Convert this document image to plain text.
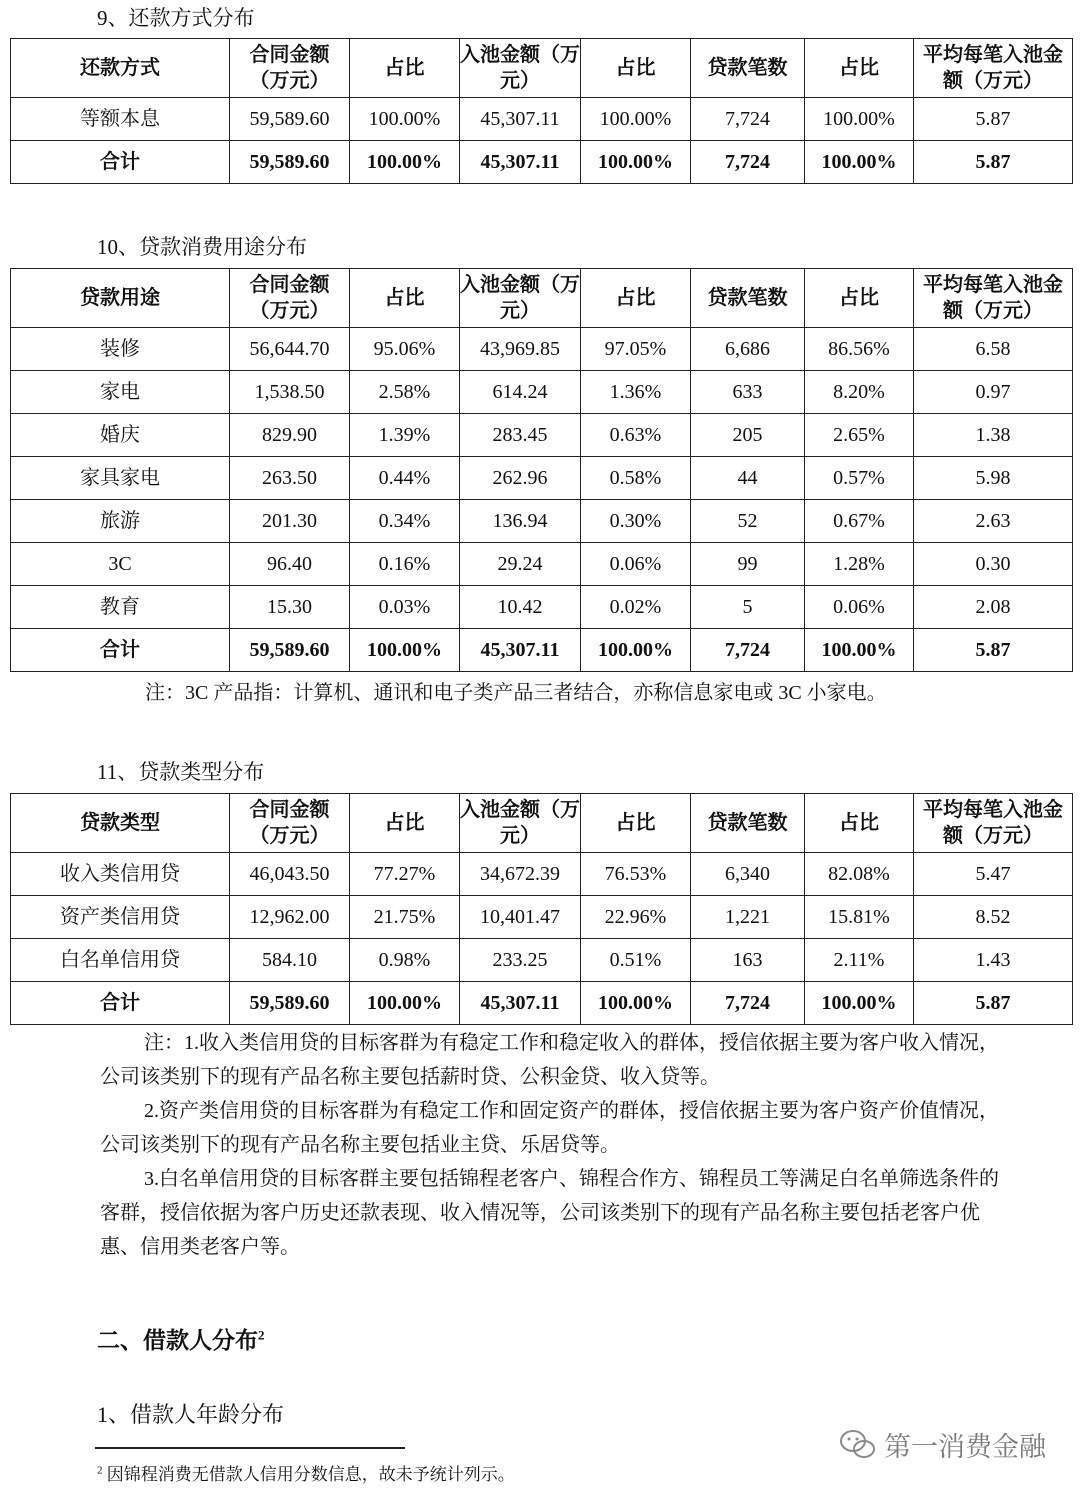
9、还款方式分布
还款方式	合同金额（万元）	占比	入池金额（万元）	占比	贷款笔数	占比	平均每笔入池金额（万元）
等额本息	59,589.60	100.00%	45,307.11	100.00%	7,724	100.00%	5.87
合计	59,589.60	100.00%	45,307.11	100.00%	7,724	100.00%	5.87
10、贷款消费用途分布
贷款用途	合同金额（万元）	占比	入池金额（万元）	占比	贷款笔数	占比	平均每笔入池金额（万元）
装修	56,644.70	95.06%	43,969.85	97.05%	6,686	86.56%	6.58
家电	1,538.50	2.58%	614.24	1.36%	633	8.20%	0.97
婚庆	829.90	1.39%	283.45	0.63%	205	2.65%	1.38
家具家电	263.50	0.44%	262.96	0.58%	44	0.57%	5.98
旅游	201.30	0.34%	136.94	0.30%	52	0.67%	2.63
3C	96.40	0.16%	29.24	0.06%	99	1.28%	0.30
教育	15.30	0.03%	10.42	0.02%	5	0.06%	2.08
合计	59,589.60	100.00%	45,307.11	100.00%	7,724	100.00%	5.87
注：3C 产品指：计算机、通讯和电子类产品三者结合，亦称信息家电或 3C 小家电。
11、贷款类型分布
贷款类型	合同金额（万元）	占比	入池金额（万元）	占比	贷款笔数	占比	平均每笔入池金额（万元）
收入类信用贷	46,043.50	77.27%	34,672.39	76.53%	6,340	82.08%	5.47
资产类信用贷	12,962.00	21.75%	10,401.47	22.96%	1,221	15.81%	8.52
白名单信用贷	584.10	0.98%	233.25	0.51%	163	2.11%	1.43
合计	59,589.60	100.00%	45,307.11	100.00%	7,724	100.00%	5.87

注：1.收入类信用贷的目标客群为有稳定工作和稳定收入的群体，授信依据主要为客户收入情况，公司该类别下的现有产品名称主要包括薪时贷、公积金贷、收入贷等。

2.资产类信用贷的目标客群为有稳定工作和固定资产的群体，授信依据主要为客户资产价值情况，公司该类别下的现有产品名称主要包括业主贷、乐居贷等。

3.白名单信用贷的目标客群主要包括锦程老客户、锦程合作方、锦程员工等满足白名单筛选条件的客群，授信依据为客户历史还款表现、收入情况等，公司该类别下的现有产品名称主要包括老客户优惠、信用类老客户等。

二、借款人分布$^2$
1、借款人年龄分布
$^2$ 因锦程消费无借款人信用分数信息，故未予统计列示。
第一消费金融
